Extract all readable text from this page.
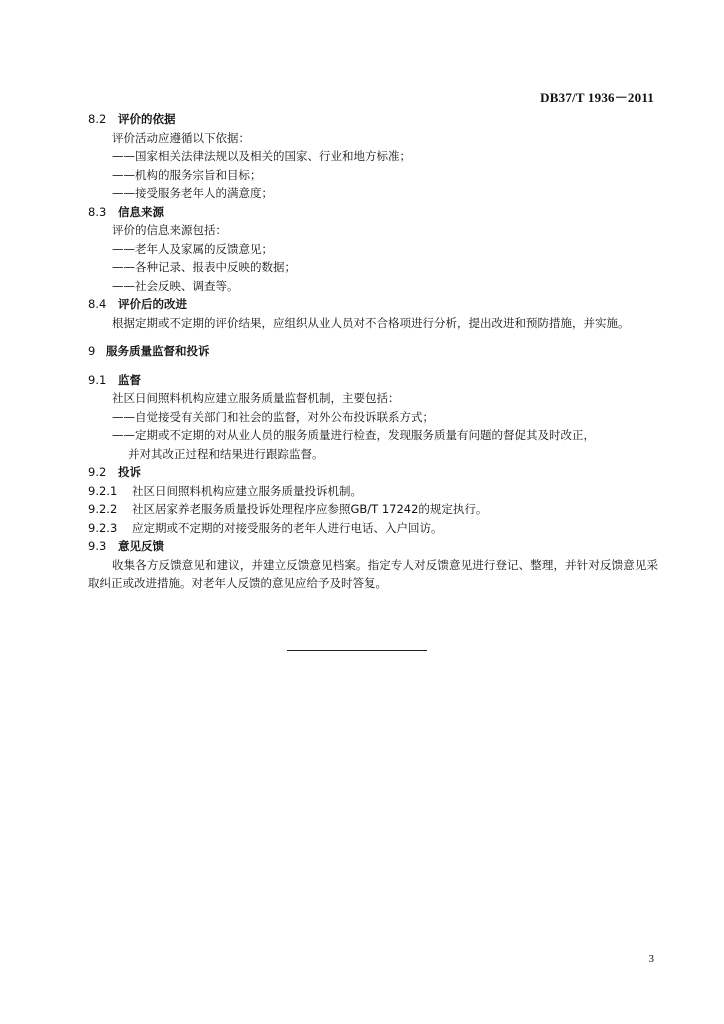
DB37/T 1936－2011
8.2 评价的依据
评价活动应遵循以下依据：
——国家相关法律法规以及相关的国家、行业和地方标准；
——机构的服务宗旨和目标；
——接受服务老年人的满意度；
8.3 信息来源
评价的信息来源包括：
——老年人及家属的反馈意见；
——各种记录、报表中反映的数据；
——社会反映、调查等。
8.4 评价后的改进

根据定期或不定期的评价结果，应组织从业人员对不合格项进行分析，提出改进和预防措施，并实施。

9 服务质量监督和投诉
9.1 监督
社区日间照料机构应建立服务质量监督机制，主要包括：
——自觉接受有关部门和社会的监督，对外公布投诉联系方式；
——定期或不定期的对从业人员的服务质量进行检查，发现服务质量有问题的督促其及时改正，
并对其改正过程和结果进行跟踪监督。
9.2 投诉
9.2.1 社区日间照料机构应建立服务质量投诉机制。
9.2.2 社区居家养老服务质量投诉处理程序应参照GB/T 17242的规定执行。
9.2.3 应定期或不定期的对接受服务的老年人进行电话、入户回访。
9.3 意见反馈

收集各方反馈意见和建议，并建立反馈意见档案。指定专人对反馈意见进行登记、整理，并针对反馈意见采取纠正或改进措施。对老年人反馈的意见应给予及时答复。

3
